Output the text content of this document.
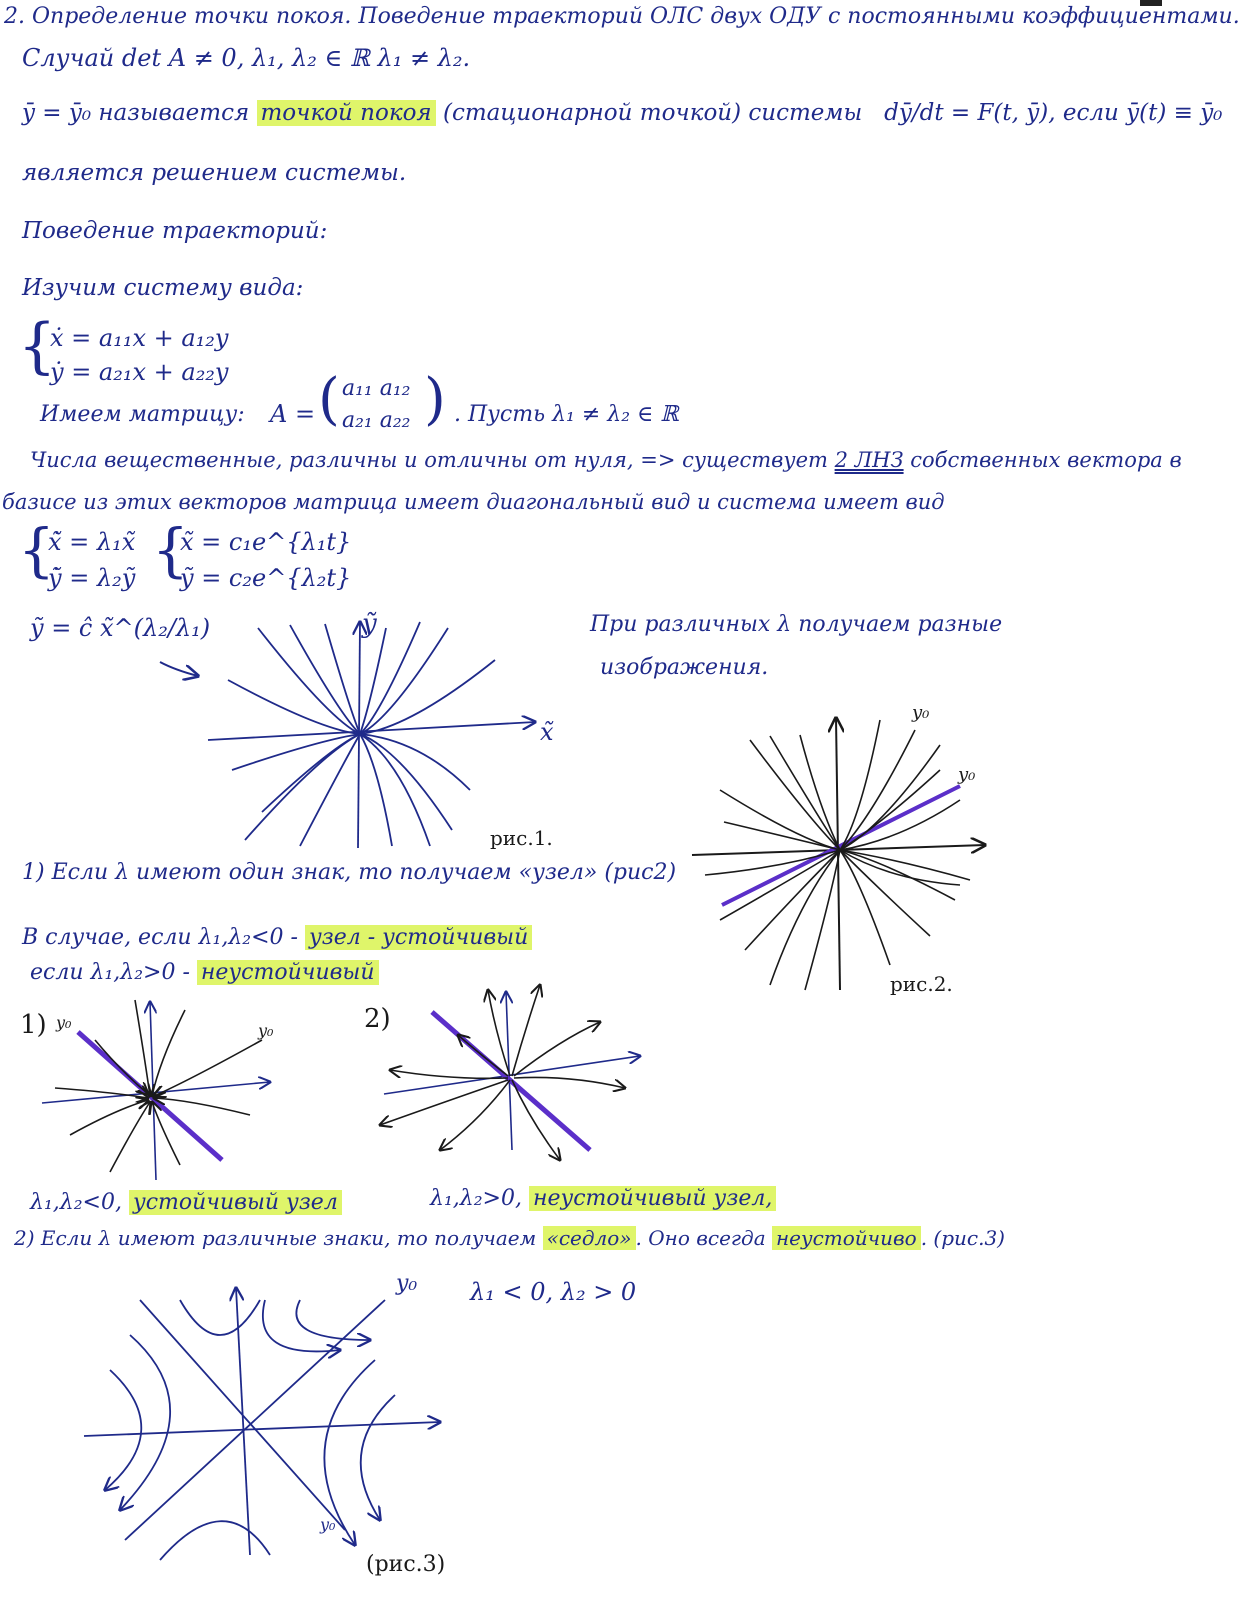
2. Определение точки покоя. Поведение траекторий ОЛС двух ОДУ с постоянными коэффициентами.
Случай det A ≠ 0, λ₁, λ₂ ∈ ℝ λ₁ ≠ λ₂.
ȳ = ȳ₀ называется точкой покоя (стационарной точкой) системы dȳ/dt = F(t, ȳ), если ȳ(t) ≡ ȳ₀
является решением системы.
Поведение траекторий:
Изучим систему вида:
{
ẋ = a₁₁x + a₁₂y
ẏ = a₂₁x + a₂₂y
Имеем матрицу: A = ( a₁₁ a₁₂
a₂₁ a₂₂ ) . Пусть λ₁ ≠ λ₂ ∈ ℝ
Числа вещественные, различны и отличны от нуля, => существует 2 ЛНЗ собственных вектора в
базисе из этих векторов матрица имеет диагональный вид и система имеет вид
{
x̃̇ = λ₁x̃
ỹ̇ = λ₂ỹ {
x̃ = c₁e^{λ₁t}
ỹ = c₂e^{λ₂t}
ỹ = ĉ x̃^(λ₂/λ₁)	При различных λ получаем разные
изображения.
1) Если λ имеют один знак, то получаем «узел» (рис2)
В случае, если λ₁,λ₂<0 - узел - устойчивый
если λ₁,λ₂>0 - неустойчивый
1)	2)
λ₁,λ₂<0, устойчивый узел	λ₁,λ₂>0, неустойчивый узел,
2) Если λ имеют различные знаки, то получаем «седло» . Оно всегда неустойчиво . (рис.3)
λ₁ < 0, λ₂ > 0
рис.1.
рис.2.
(рис.3)
ỹ
x̃
y₀
y₀
y₀	y₀
y₀
y₀
